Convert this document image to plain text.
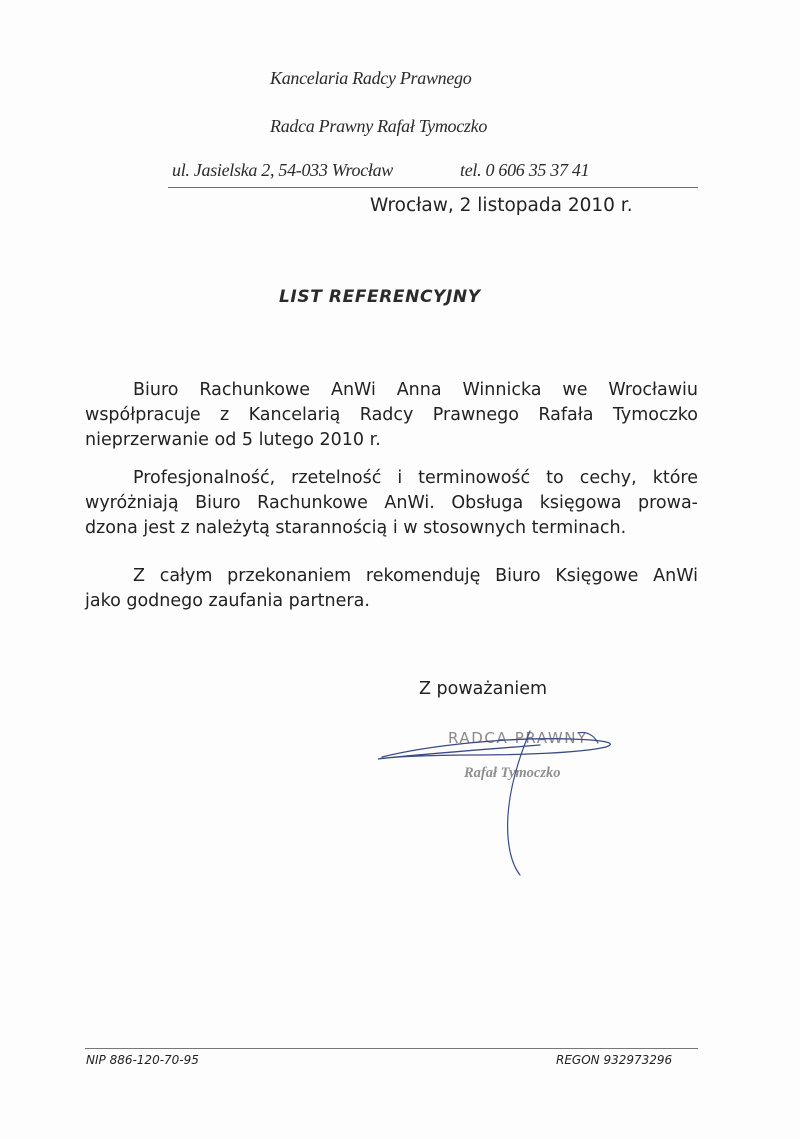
Kancelaria Radcy Prawnego
Radca Prawny Rafał Tymoczko
ul. Jasielska 2, 54-033 Wrocław	tel. 0 606 35 37 41
Wrocław, 2 listopada 2010 r.
LIST REFERENCYJNY
Biuro Rachunkowe AnWi Anna Winnicka we Wrocławiu
współpracuje z Kancelarią Radcy Prawnego Rafała Tymoczko
nieprzerwanie od 5 lutego 2010 r.
Profesjonalność, rzetelność i terminowość to cechy, które
wyróżniają Biuro Rachunkowe AnWi. Obsługa księgowa prowa-
dzona jest z należytą starannością i w stosownych terminach.
Z całym przekonaniem rekomenduję Biuro Księgowe AnWi
jako godnego zaufania partnera.
Z poważaniem
RADCA PRAWNY
Rafał Tymoczko
NIP 886-120-70-95	REGON 932973296
